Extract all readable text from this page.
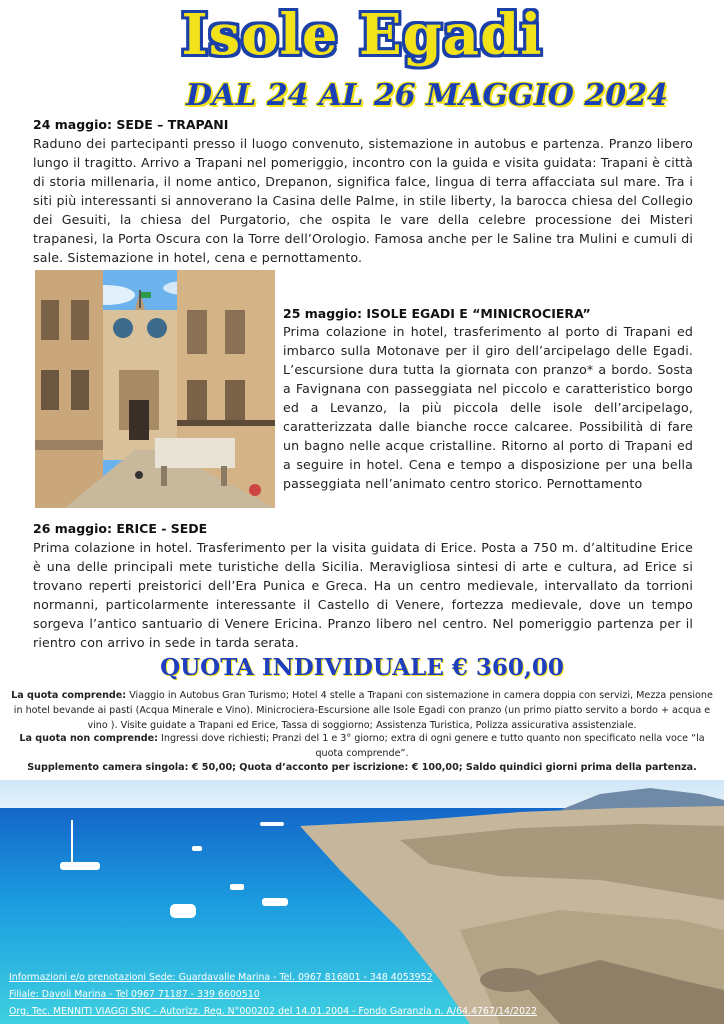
Isole Egadi
DAL 24 AL 26 MAGGIO 2024
24 maggio: SEDE – TRAPANI
Raduno dei partecipanti presso il luogo convenuto, sistemazione in autobus e partenza. Pranzo libero lungo il tragitto. Arrivo a Trapani nel pomeriggio, incontro con la guida e visita guidata: Trapani è città di storia millenaria, il nome antico, Drepanon, significa falce, lingua di terra affacciata sul mare. Tra i siti più interessanti si annoverano la Casina delle Palme, in stile liberty, la barocca chiesa del Collegio dei Gesuiti, la chiesa del Purgatorio, che ospita le vare della celebre processione dei Misteri trapanesi, la Porta Oscura con la Torre dell’Orologio. Famosa anche per le Saline tra Mulini e cumuli di sale. Sistemazione in hotel, cena e pernottamento.
25 maggio: ISOLE EGADI E “MINICROCIERA”
Prima colazione in hotel, trasferimento al porto di Trapani ed imbarco sulla Motonave per il giro dell’arcipelago delle Egadi. L’escursione dura tutta la giornata con pranzo* a bordo. Sosta a Favignana con passeggiata nel piccolo e caratteristico borgo ed a Levanzo, la più piccola delle isole dell’arcipelago, caratterizzata dalle bianche rocce calcaree. Possibilità di fare un bagno nelle acque cristalline. Ritorno al porto di Trapani ed a seguire in hotel. Cena e tempo a disposizione per una bella passeggiata nell’animato centro storico. Pernottamento
26 maggio: ERICE - SEDE
Prima colazione in hotel. Trasferimento per la visita guidata di Erice. Posta a 750 m. d’altitudine Erice è una delle principali mete turistiche della Sicilia. Meravigliosa sintesi di arte e cultura, ad Erice si trovano reperti preistorici dell’Era Punica e Greca. Ha un centro medievale, intervallato da torrioni normanni, particolarmente interessante il Castello di Venere, fortezza medievale, dove un tempo sorgeva l’antico santuario di Venere Ericina. Pranzo libero nel centro. Nel pomeriggio partenza per il rientro con arrivo in sede in tarda serata.
QUOTA INDIVIDUALE € 360,00
La quota comprende: Viaggio in Autobus Gran Turismo; Hotel 4 stelle a Trapani con sistemazione in camera doppia con servizi, Mezza pensione in hotel bevande ai pasti (Acqua Minerale e Vino). Minicrociera-Escursione alle Isole Egadi con pranzo (un primo piatto servito a bordo + acqua e vino ). Visite guidate a Trapani ed Erice, Tassa di soggiorno; Assistenza Turistica, Polizza assicurativa assistenziale.
La quota non comprende: Ingressi dove richiesti; Pranzi del 1 e 3° giorno; extra di ogni genere e tutto quanto non specificato nella voce “la quota comprende”.
Supplemento camera singola: € 50,00; Quota d’acconto per iscrizione: € 100,00; Saldo quindici giorni prima della partenza.
Informazioni e/o prenotazioni Sede: Guardavalle Marina - Tel. 0967 816801 - 348 4053952
Filiale: Davoli Marina - Tel 0967 71187 - 339 6600510
Org. Tec. MENNITI VIAGGI SNC - Autorizz. Reg. N°000202 del 14.01.2004 - Fondo Garanzia n. A/64.4767/14/2022
